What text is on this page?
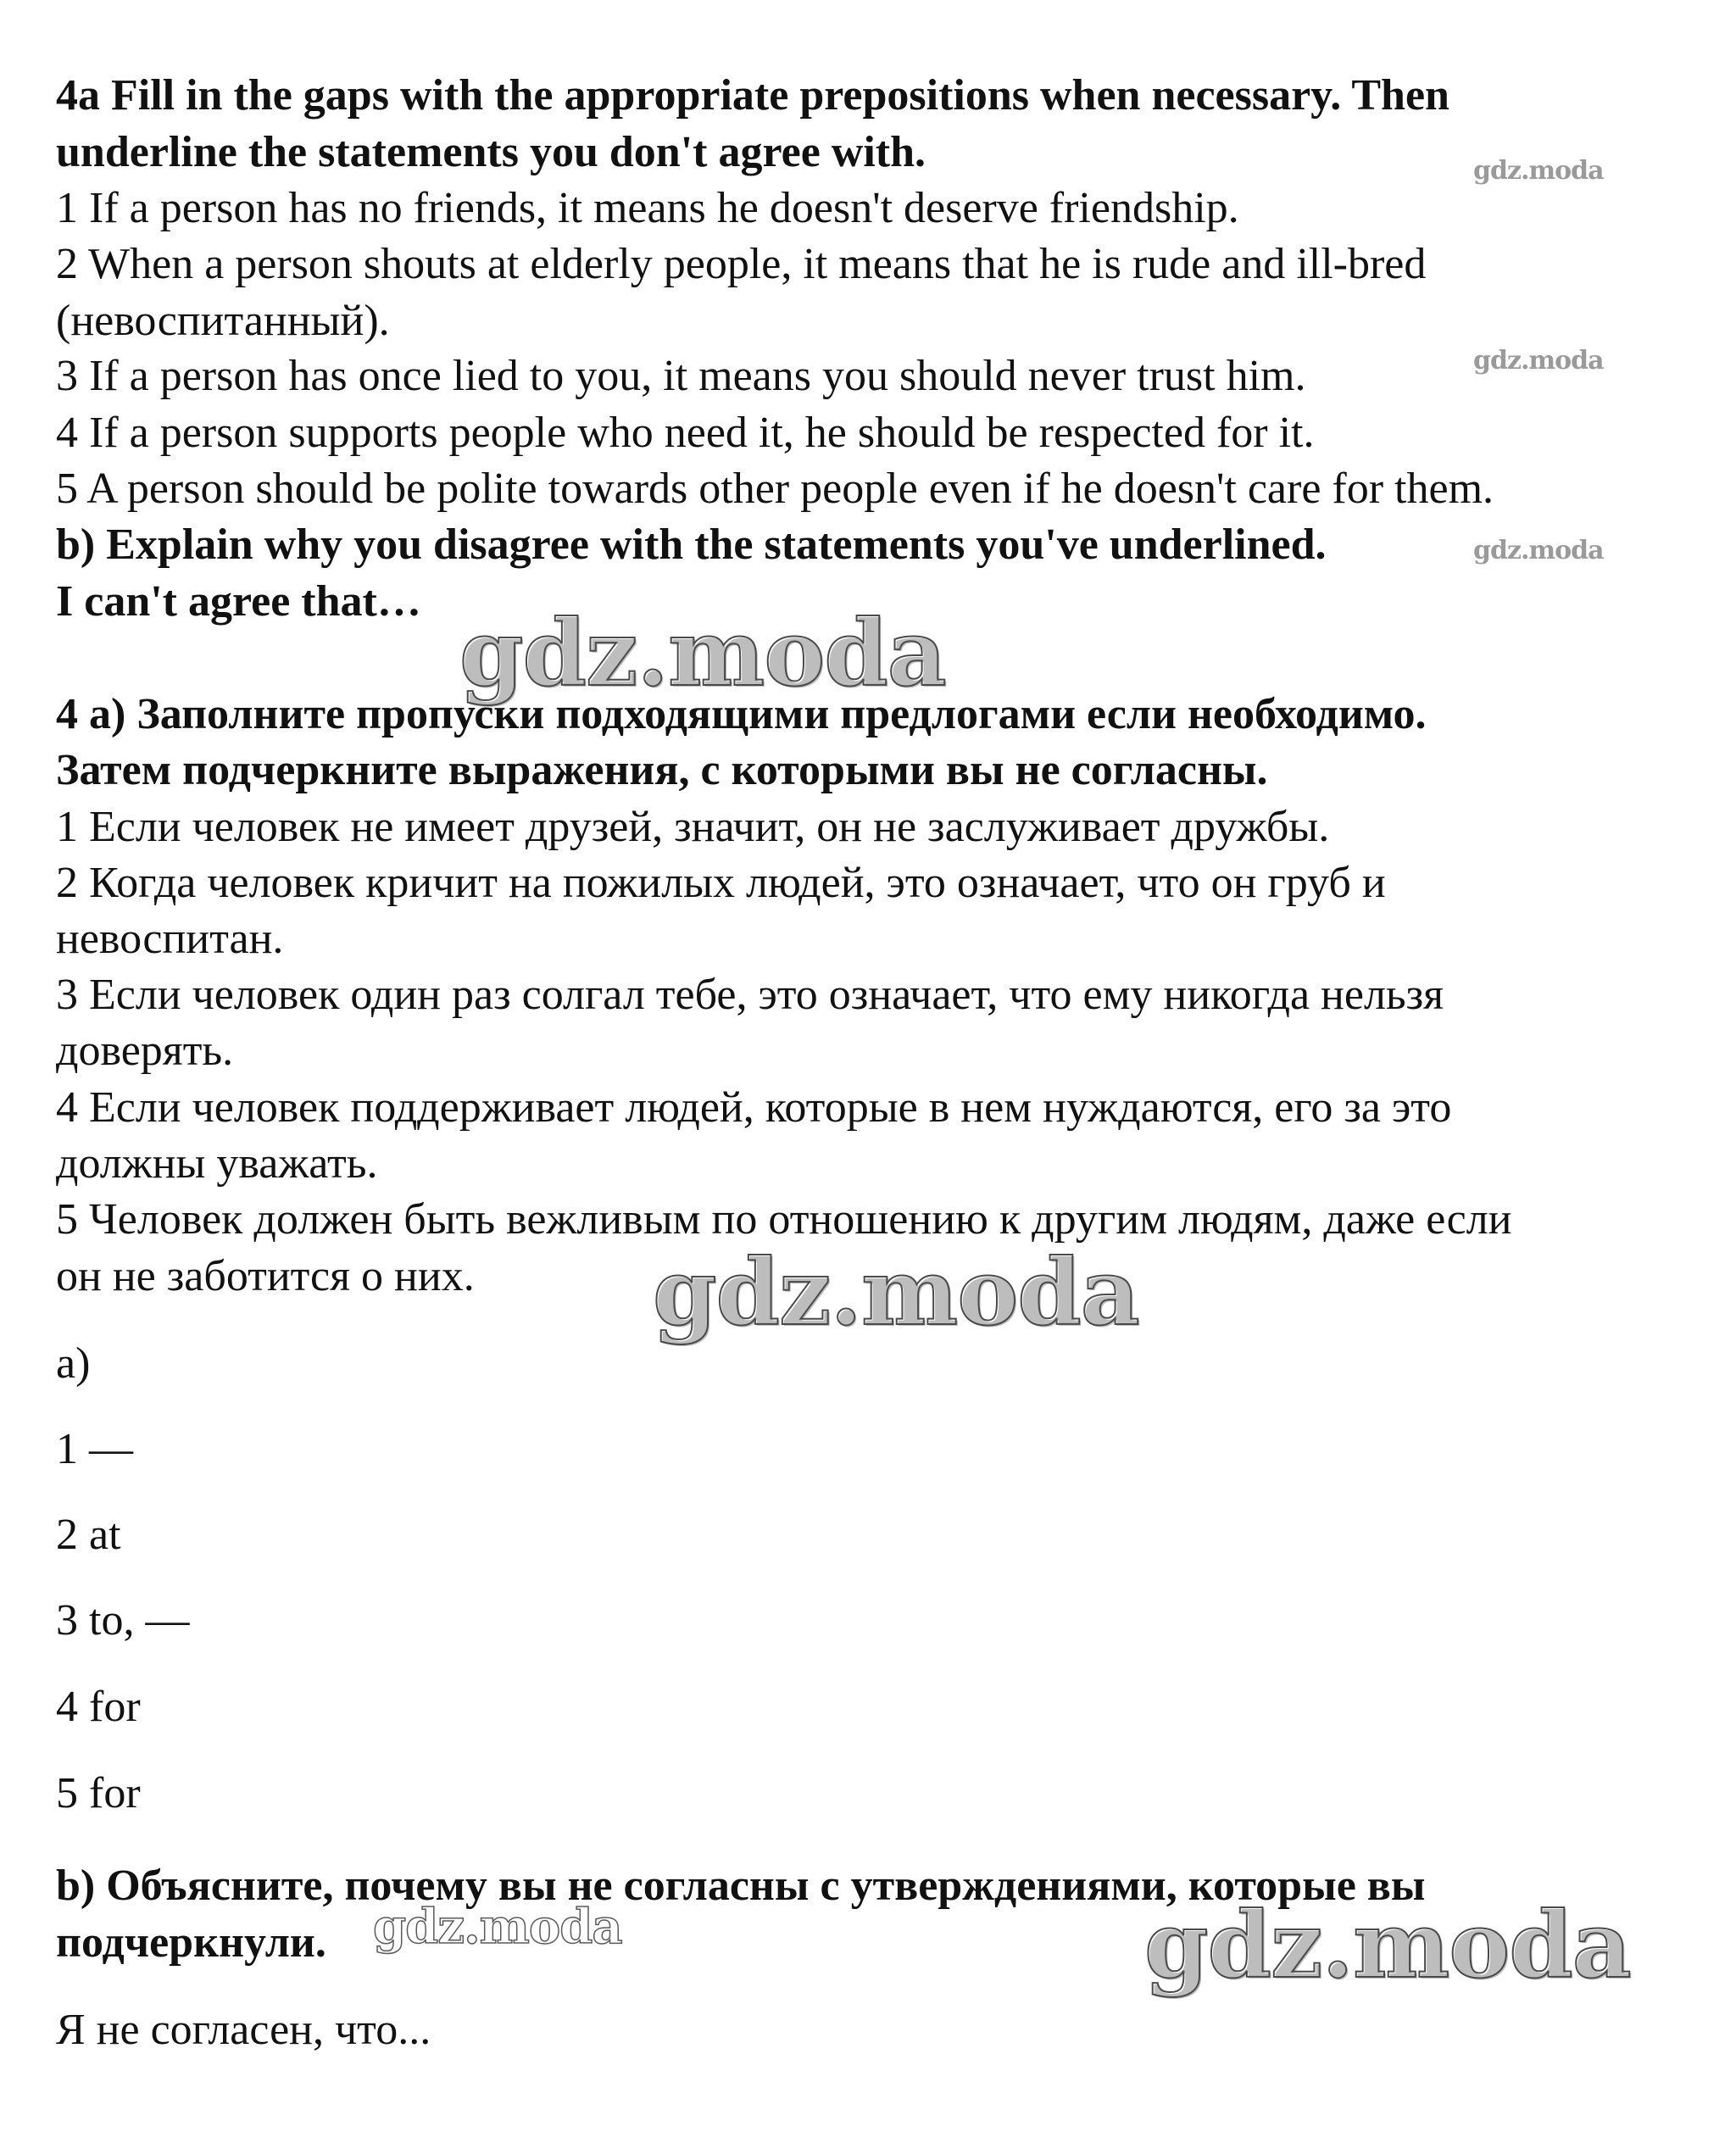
4a Fill in the gaps with the appropriate prepositions when necessary. Then

underline the statements you don't agree with.

1 If a person has no friends, it means he doesn't deserve friendship.

2 When a person shouts at elderly people, it means that he is rude and ill-bred

(невоспитанный).

3 If a person has once lied to you, it means you should never trust him.

4 If a person supports people who need it, he should be respected for it.

5 A person should be polite towards other people even if he doesn't care for them.

b) Explain why you disagree with the statements you've underlined.

I can't agree that…

4 а) Заполните пропуски подходящими предлогами если необходимо.

Затем подчеркните выражения, с которыми вы не согласны.

1 Если человек не имеет друзей, значит, он не заслуживает дружбы.

2 Когда человек кричит на пожилых людей, это означает, что он груб и

невоспитан.

3 Если человек один раз солгал тебе, это означает, что ему никогда нельзя

доверять.

4 Если человек поддерживает людей, которые в нем нуждаются, его за это

должны уважать.

5 Человек должен быть вежливым по отношению к другим людям, даже если

он не заботится о них.

a)

1 —

2 at

3 to, —

4 for

5 for

b) Объясните, почему вы не согласны с утверждениями, которые вы

подчеркнули.

Я не согласен, что...

gdz.moda

gdz.moda

gdz.moda

gdz.moda

gdz.moda

gdz.moda	gdz.moda
